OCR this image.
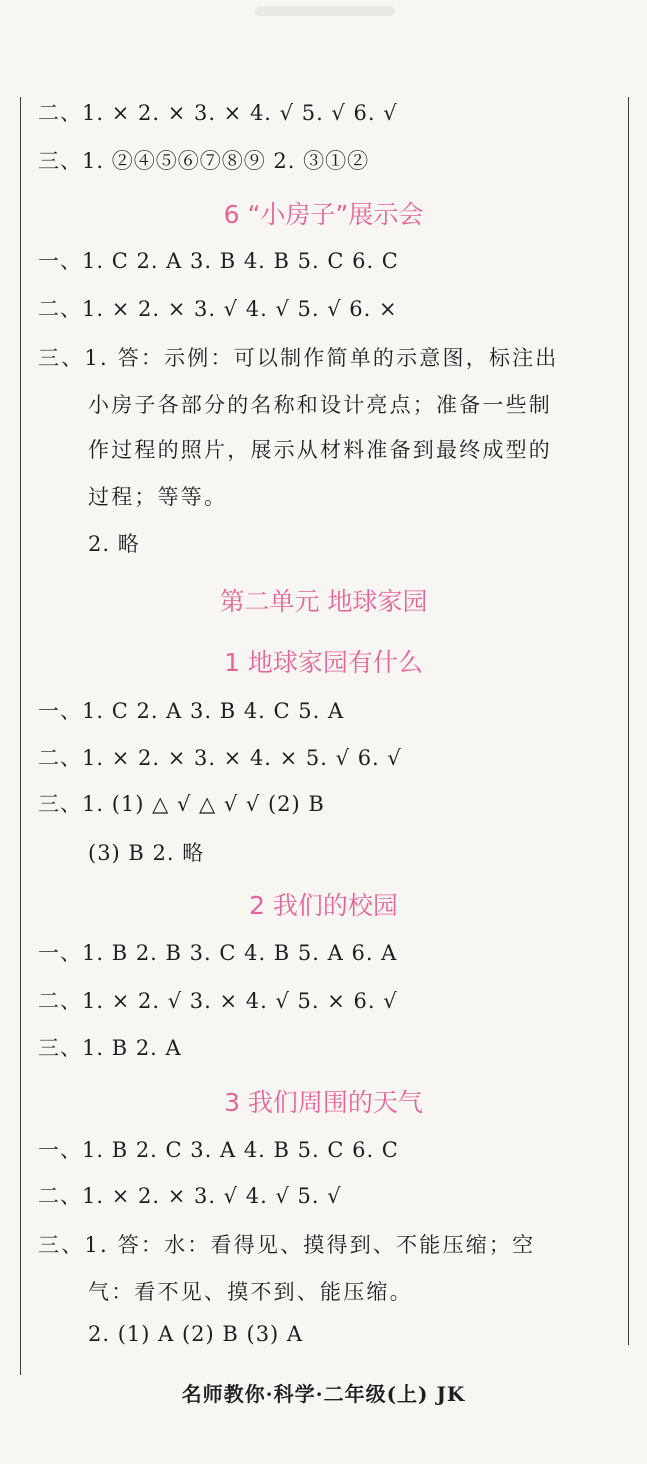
二、1. × 2. × 3. × 4. √ 5. √ 6. √
三、1. ②④⑤⑥⑦⑧⑨ 2. ③①②
6 “小房子”展示会
一、1. C 2. A 3. B 4. B 5. C 6. C
二、1. × 2. × 3. √ 4. √ 5. √ 6. ×
三、1. 答：示例：可以制作简单的示意图，标注出
小房子各部分的名称和设计亮点；准备一些制
作过程的照片，展示从材料准备到最终成型的
过程；等等。
2. 略
第二单元 地球家园
1 地球家园有什么
一、1. C 2. A 3. B 4. C 5. A
二、1. × 2. × 3. × 4. × 5. √ 6. √
三、1. (1) △ √ △ √ √ (2) B
(3) B 2. 略
2 我们的校园
一、1. B 2. B 3. C 4. B 5. A 6. A
二、1. × 2. √ 3. × 4. √ 5. × 6. √
三、1. B 2. A
3 我们周围的天气
一、1. B 2. C 3. A 4. B 5. C 6. C
二、1. × 2. × 3. √ 4. √ 5. √
三、1. 答：水：看得见、摸得到、不能压缩；空
气：看不见、摸不到、能压缩。
2. (1) A (2) B (3) A
名师教你·科学·二年级(上) JK
